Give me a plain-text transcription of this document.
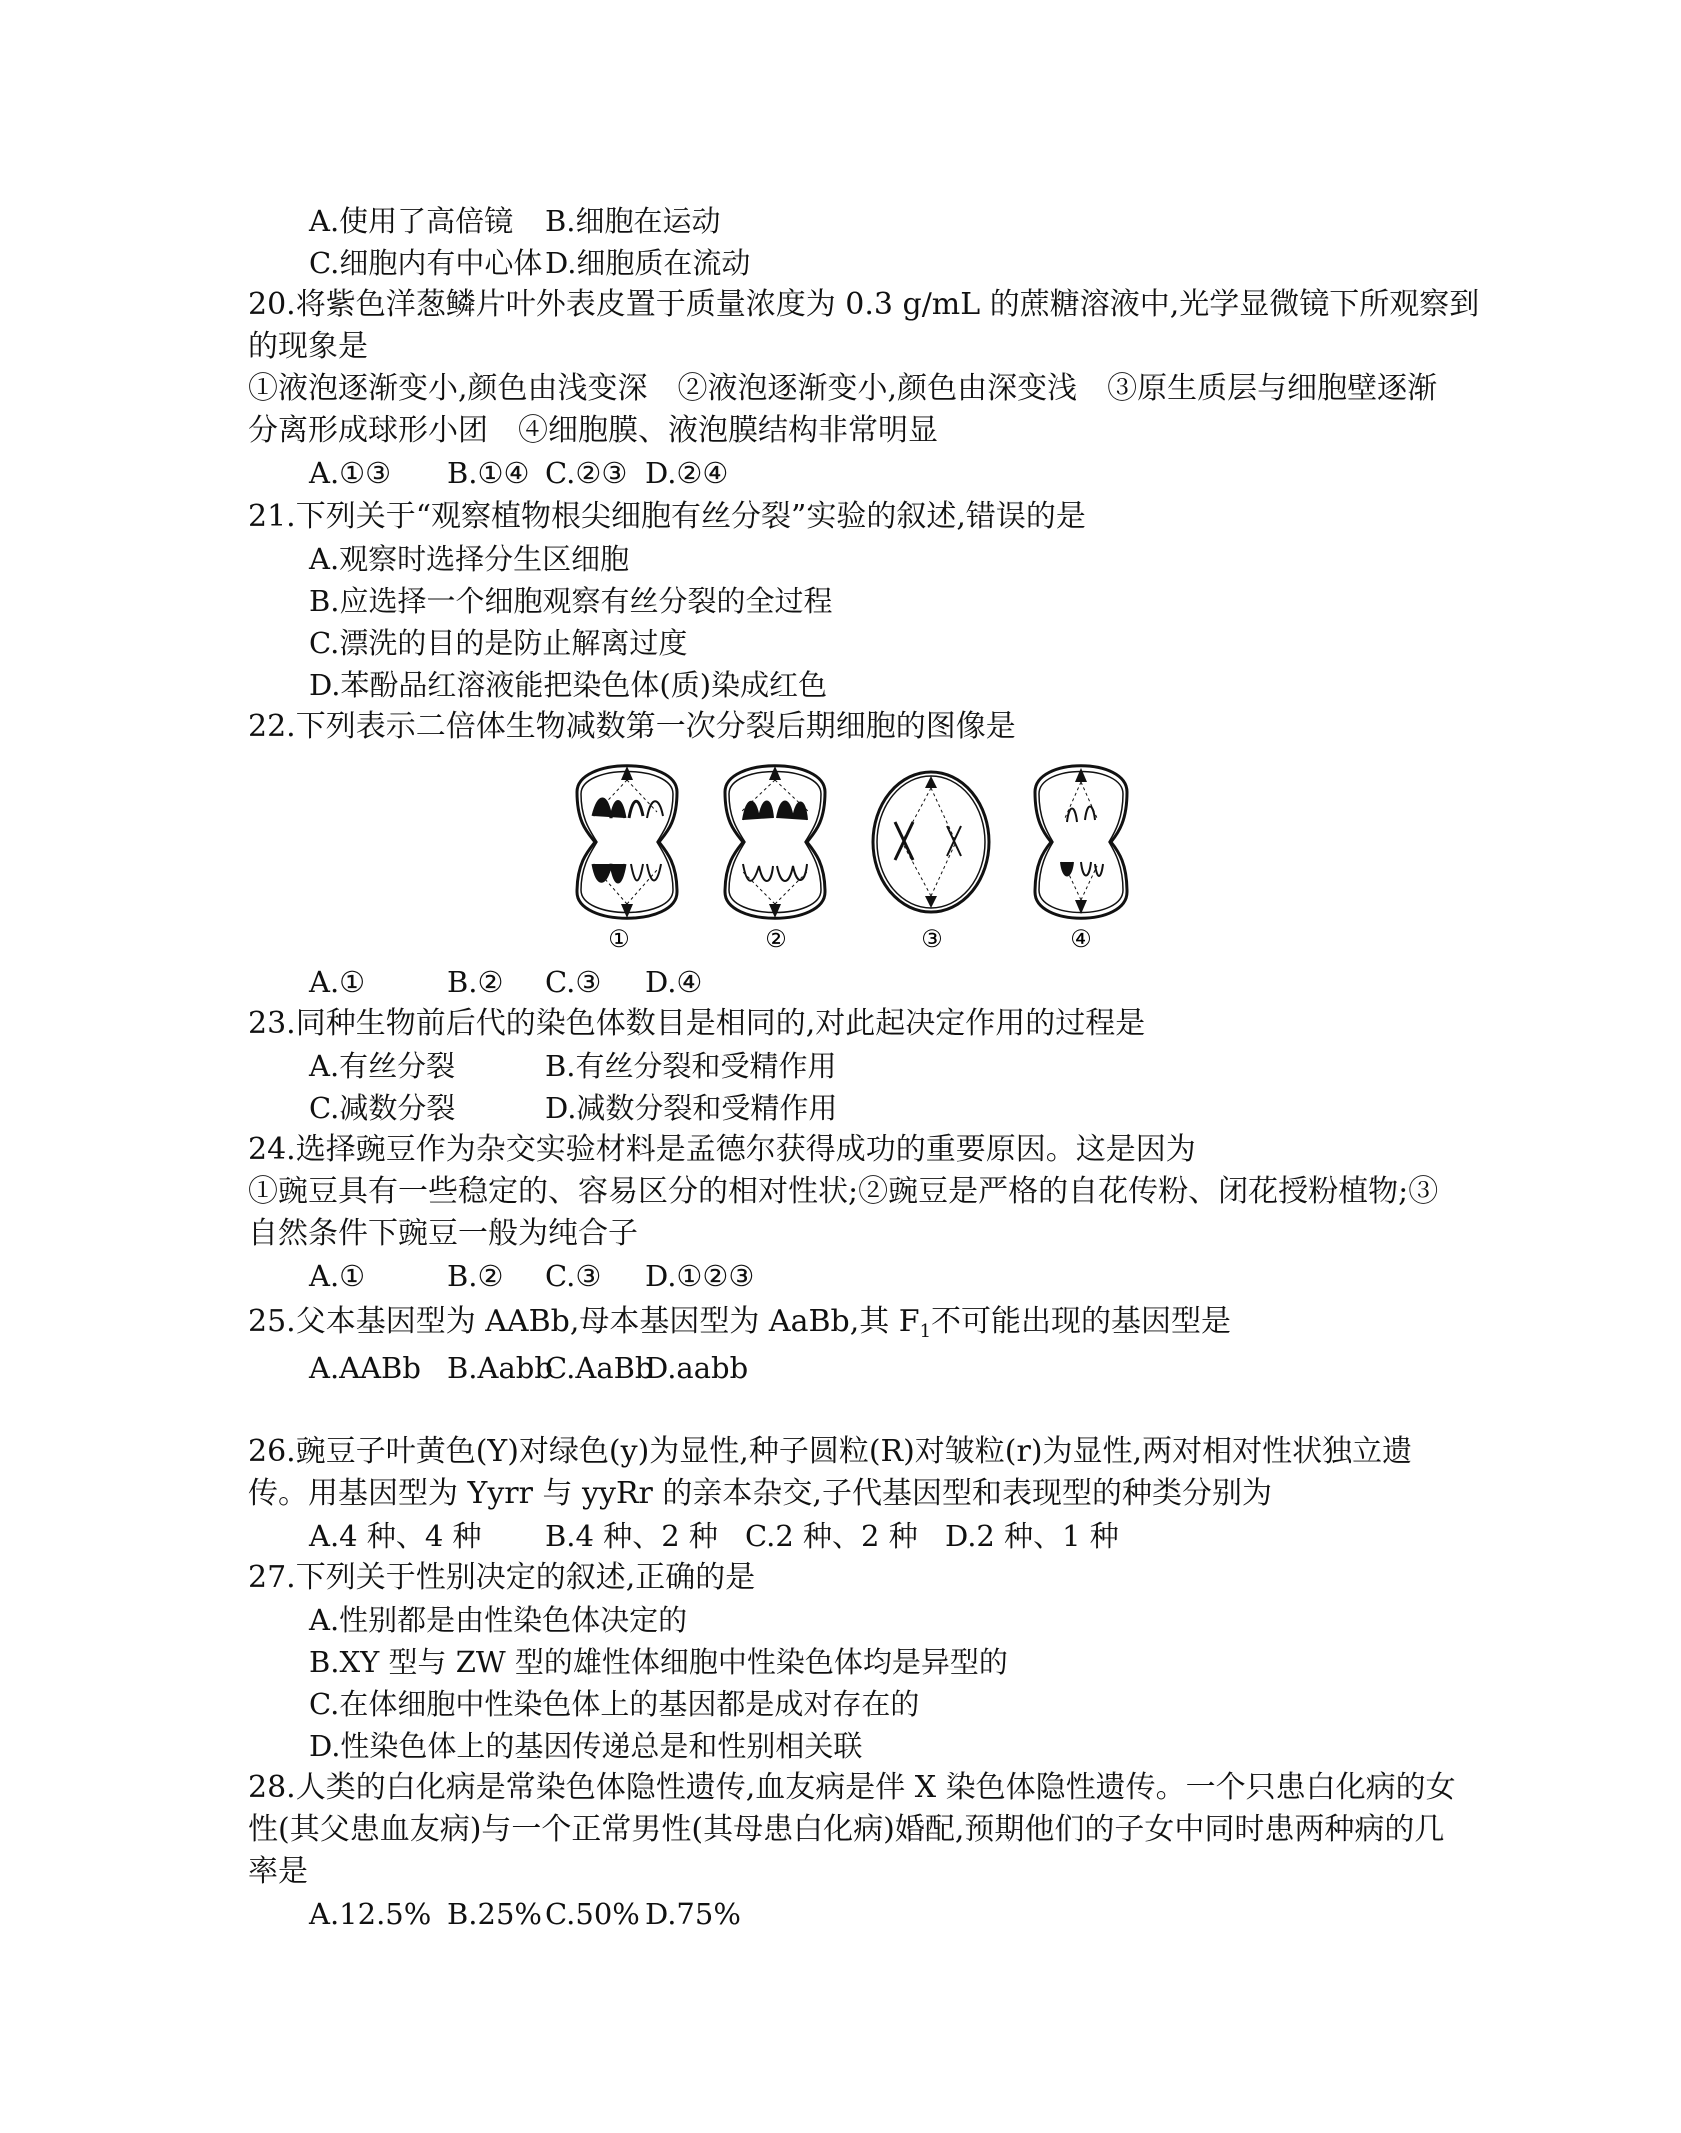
A.使用了高倍镜 B.细胞在运动
C.细胞内有中心体 D.细胞质在流动
20.将紫色洋葱鳞片叶外表皮置于质量浓度为 0.3 g/mL 的蔗糖溶液中,光学显微镜下所观察到
的现象是
①液泡逐渐变小,颜色由浅变深　②液泡逐渐变小,颜色由深变浅　③原生质层与细胞壁逐渐
分离形成球形小团　④细胞膜、液泡膜结构非常明显
A.①③ B.①④ C.②③ D.②④
21.下列关于“观察植物根尖细胞有丝分裂”实验的叙述,错误的是
A.观察时选择分生区细胞
B.应选择一个细胞观察有丝分裂的全过程
C.漂洗的目的是防止解离过度
D.苯酚品红溶液能把染色体(质)染成红色
22.下列表示二倍体生物减数第一次分裂后期细胞的图像是
①	②	③	④
A.①	B.② C.③ D.④
23.同种生物前后代的染色体数目是相同的,对此起决定作用的过程是
A.有丝分裂	B.有丝分裂和受精作用
C.减数分裂	D.减数分裂和受精作用
24.选择豌豆作为杂交实验材料是孟德尔获得成功的重要原因。这是因为
①豌豆具有一些稳定的、容易区分的相对性状;②豌豆是严格的自花传粉、闭花授粉植物;③
自然条件下豌豆一般为纯合子
A.①	B.② C.③ D.①②③
25.父本基因型为 AABb,母本基因型为 AaBb,其 $F_1$不可能出现的基因型是
A.AABb B.Aabb
C.AaBb
D.aabb
26.豌豆子叶黄色(Y)对绿色(y)为显性,种子圆粒(R)对皱粒(r)为显性,两对相对性状独立遗
传。用基因型为 Yyrr 与 yyRr 的亲本杂交,子代基因型和表现型的种类分别为
A.4 种、4 种 B.4 种、2 种 C.2 种、2 种 D.2 种、1 种
27.下列关于性别决定的叙述,正确的是
A.性别都是由性染色体决定的
B.XY 型与 ZW 型的雄性体细胞中性染色体均是异型的
C.在体细胞中性染色体上的基因都是成对存在的
D.性染色体上的基因传递总是和性别相关联
28.人类的白化病是常染色体隐性遗传,血友病是伴 X 染色体隐性遗传。一个只患白化病的女
性(其父患血友病)与一个正常男性(其母患白化病)婚配,预期他们的子女中同时患两种病的几
率是
A.12.5% B.25% C.50% D.75%
